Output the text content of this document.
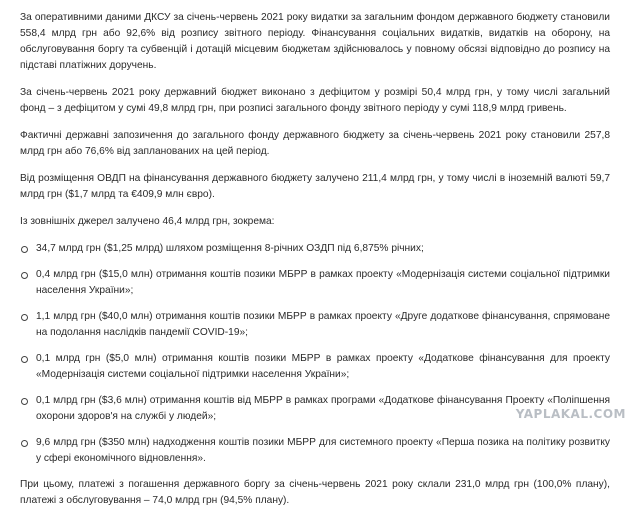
За оперативними даними ДКСУ за січень-червень 2021 року видатки за загальним фондом державного бюджету становили 558,4 млрд грн або 92,6% від розпису звітного періоду. Фінансування соціальних видатків, видатків на оборону, на обслуговування боргу та субвенцій і дотацій місцевим бюджетам здійснювалось у повному обсязі відповідно до розпису на підставі платіжних доручень.

За січень-червень 2021 року державний бюджет виконано з дефіцитом у розмірі 50,4 млрд грн, у тому числі загальний фонд – з дефіцитом у сумі 49,8 млрд грн, при розписі загального фонду звітного періоду у сумі 118,9 млрд гривень.

Фактичні державні запозичення до загального фонду державного бюджету за січень-червень 2021 року становили 257,8 млрд грн або 76,6% від запланованих на цей період.

Від розміщення ОВДП на фінансування державного бюджету залучено 211,4 млрд грн, у тому числі в іноземній валюті 59,7 млрд грн ($1,7 млрд та €409,9 млн євро).

Із зовнішніх джерел залучено 46,4 млрд грн, зокрема:

34,7 млрд грн ($1,25 млрд) шляхом розміщення 8-річних ОЗДП під 6,875% річних;
0,4 млрд грн ($15,0 млн) отримання коштів позики МБРР в рамках проекту «Модернізація системи соціальної підтримки населення України»;
1,1 млрд грн ($40,0 млн) отримання коштів позики МБРР в рамках проекту «Друге додаткове фінансування, спрямоване на подолання наслідків пандемії COVID-19»;
0,1 млрд грн ($5,0 млн) отримання коштів позики МБРР в рамках проекту «Додаткове фінансування для проекту «Модернізація системи соціальної підтримки населення України»;
0,1 млрд грн ($3,6 млн) отримання коштів від МБРР в рамках програми «Додаткове фінансування Проекту «Поліпшення охорони здоров'я на службі у людей»;
9,6 млрд грн ($350 млн) надходження коштів позики МБРР для системного проекту «Перша позика на політику розвитку у сфері економічного відновлення».

При цьому, платежі з погашення державного боргу за січень-червень 2021 року склали 231,0 млрд грн (100,0% плану), платежі з обслуговування – 74,0 млрд грн (94,5% плану).

YAPLAKAL.COM
